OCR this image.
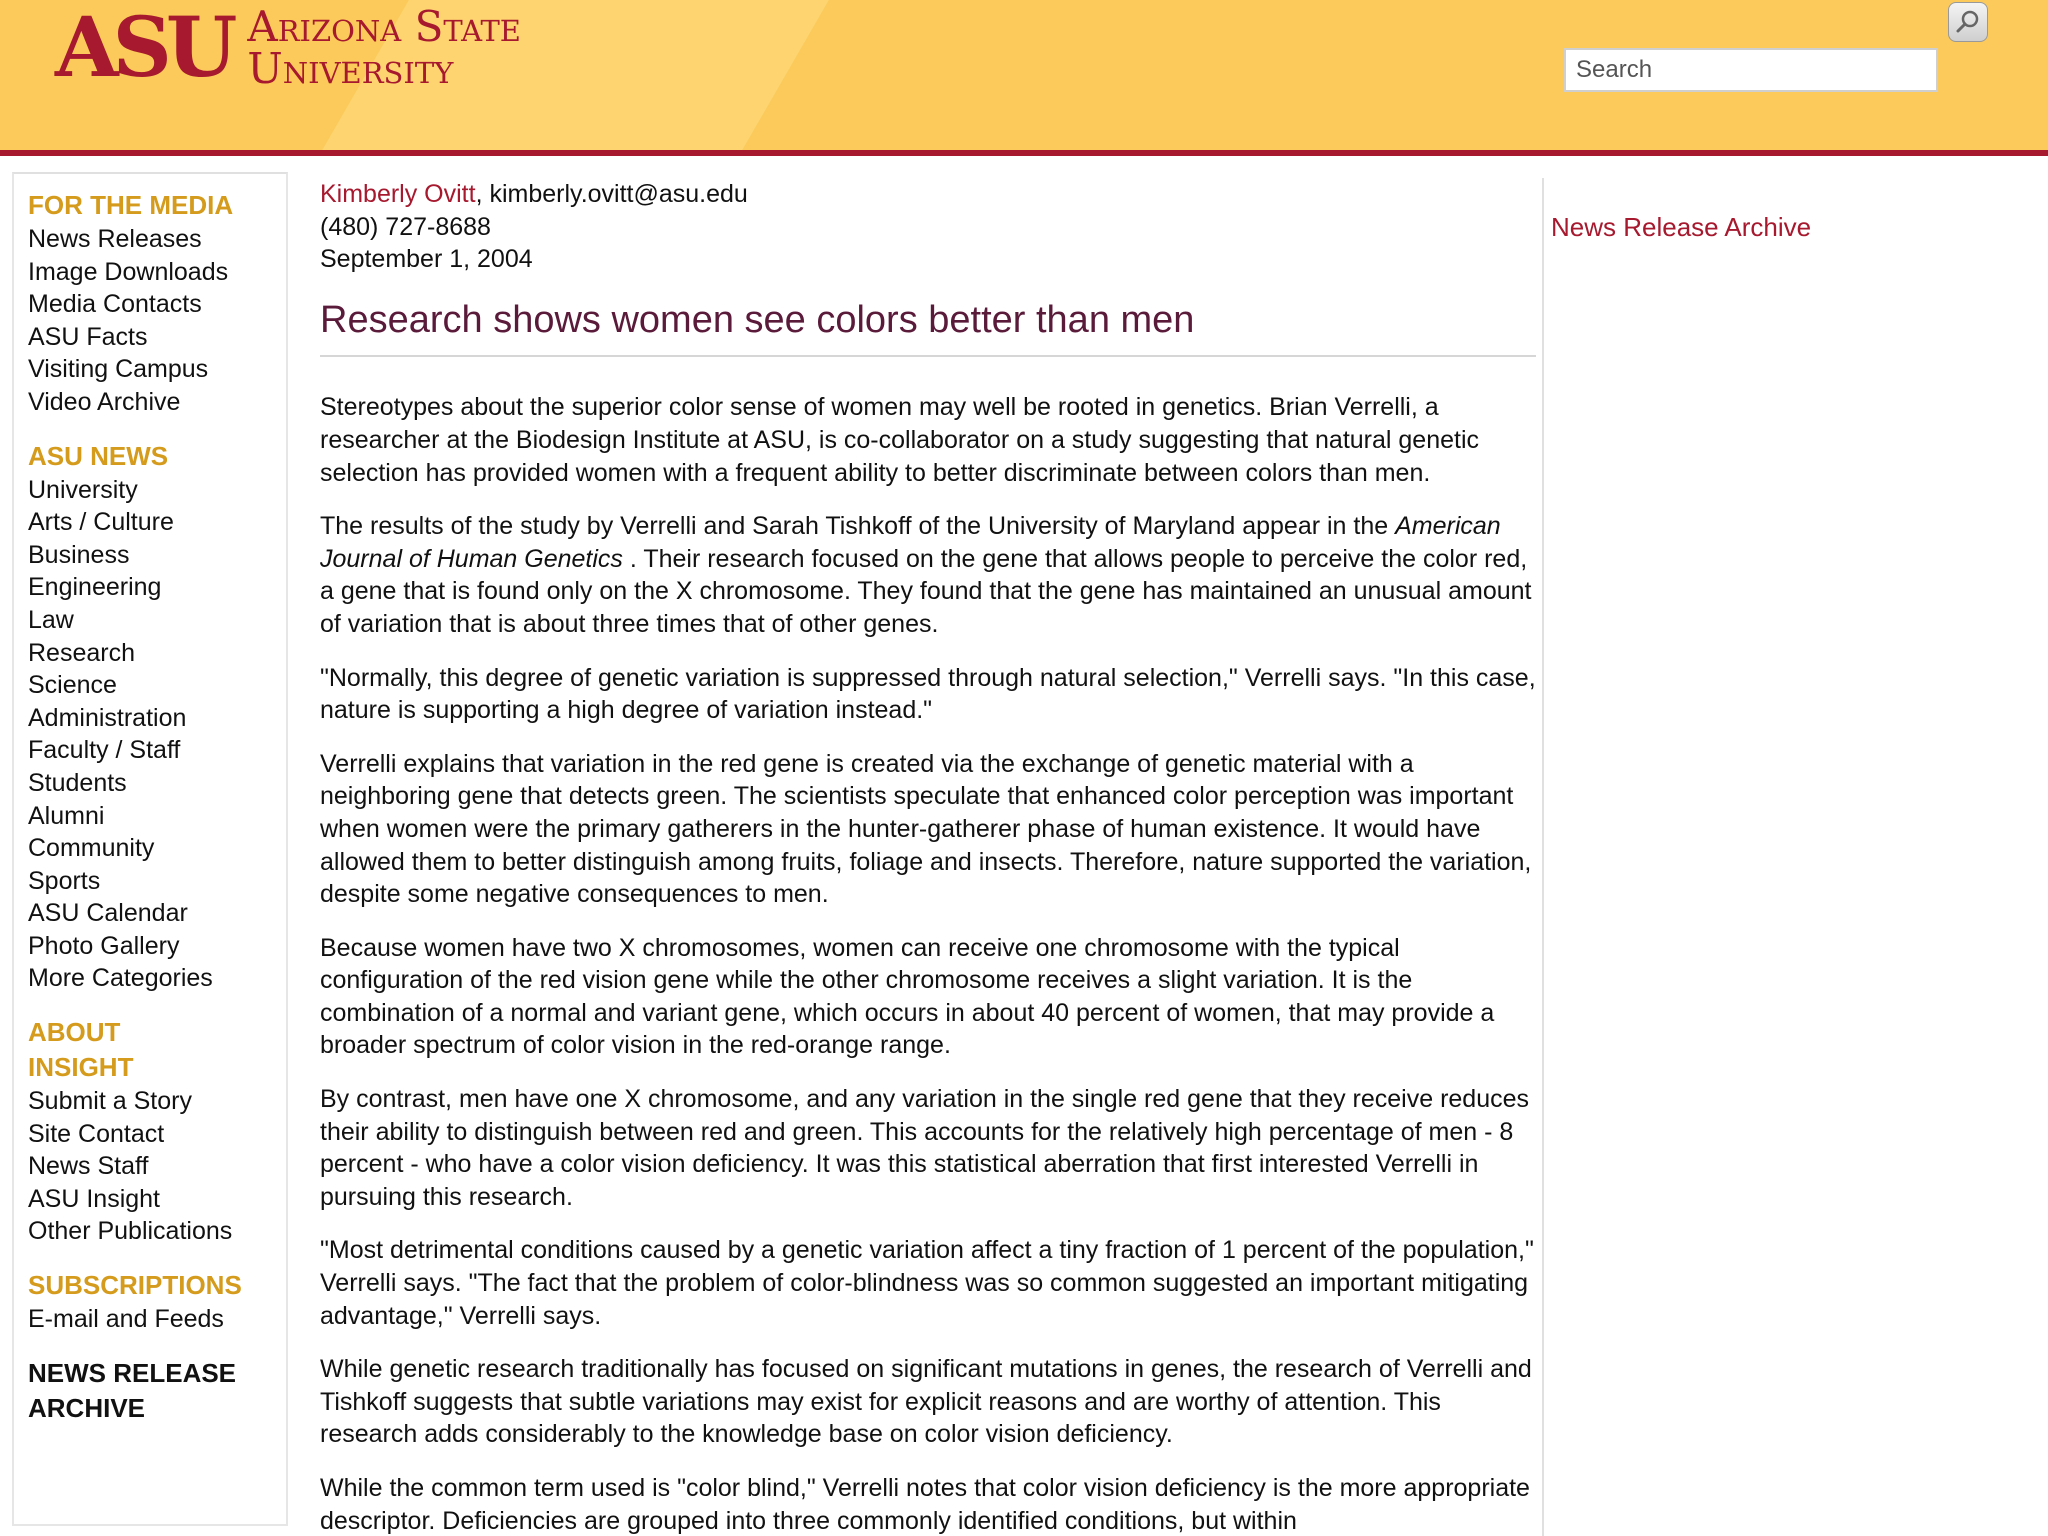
ASU Arizona State
University
Search
FOR THE MEDIA
News Releases
Image Downloads
Media Contacts
ASU Facts
Visiting Campus
Video Archive
ASU NEWS
University
Arts / Culture
Business
Engineering
Law
Research
Science
Administration
Faculty / Staff
Students
Alumni
Community
Sports
ASU Calendar
Photo Gallery
More Categories
ABOUT INSIGHT
Submit a Story
Site Contact
News Staff
ASU Insight
Other Publications
SUBSCRIPTIONS
E-mail and Feeds
NEWS RELEASE ARCHIVE
Kimberly Ovitt, kimberly.ovitt@asu.edu
(480) 727-8688
September 1, 2004
Research shows women see colors better than men

Stereotypes about the superior color sense of women may well be rooted in genetics. Brian Verrelli, a researcher at the Biodesign Institute at ASU, is co-collaborator on a study suggesting that natural genetic selection has provided women with a frequent ability to better discriminate between colors than men.

The results of the study by Verrelli and Sarah Tishkoff of the University of Maryland appear in the American Journal of Human Genetics . Their research focused on the gene that allows people to perceive the color red, a gene that is found only on the X chromosome. They found that the gene has maintained an unusual amount of variation that is about three times that of other genes.

"Normally, this degree of genetic variation is suppressed through natural selection," Verrelli says. "In this case, nature is supporting a high degree of variation instead."

Verrelli explains that variation in the red gene is created via the exchange of genetic material with a neighboring gene that detects green. The scientists speculate that enhanced color perception was important when women were the primary gatherers in the hunter-gatherer phase of human existence. It would have allowed them to better distinguish among fruits, foliage and insects. Therefore, nature supported the variation, despite some negative consequences to men.

Because women have two X chromosomes, women can receive one chromosome with the typical configuration of the red vision gene while the other chromosome receives a slight variation. It is the combination of a normal and variant gene, which occurs in about 40 percent of women, that may provide a broader spectrum of color vision in the red-orange range.

By contrast, men have one X chromosome, and any variation in the single red gene that they receive reduces their ability to distinguish between red and green. This accounts for the relatively high percentage of men - 8 percent - who have a color vision deficiency. It was this statistical aberration that first interested Verrelli in pursuing this research.

"Most detrimental conditions caused by a genetic variation affect a tiny fraction of 1 percent of the population," Verrelli says. "The fact that the problem of color-blindness was so common suggested an important mitigating advantage," Verrelli says.

While genetic research traditionally has focused on significant mutations in genes, the research of Verrelli and Tishkoff suggests that subtle variations may exist for explicit reasons and are worthy of attention. This research adds considerably to the knowledge base on color vision deficiency.

While the common term used is "color blind," Verrelli notes that color vision deficiency is the more appropriate descriptor. Deficiencies are grouped into three commonly identified conditions, but within

News Release Archive
